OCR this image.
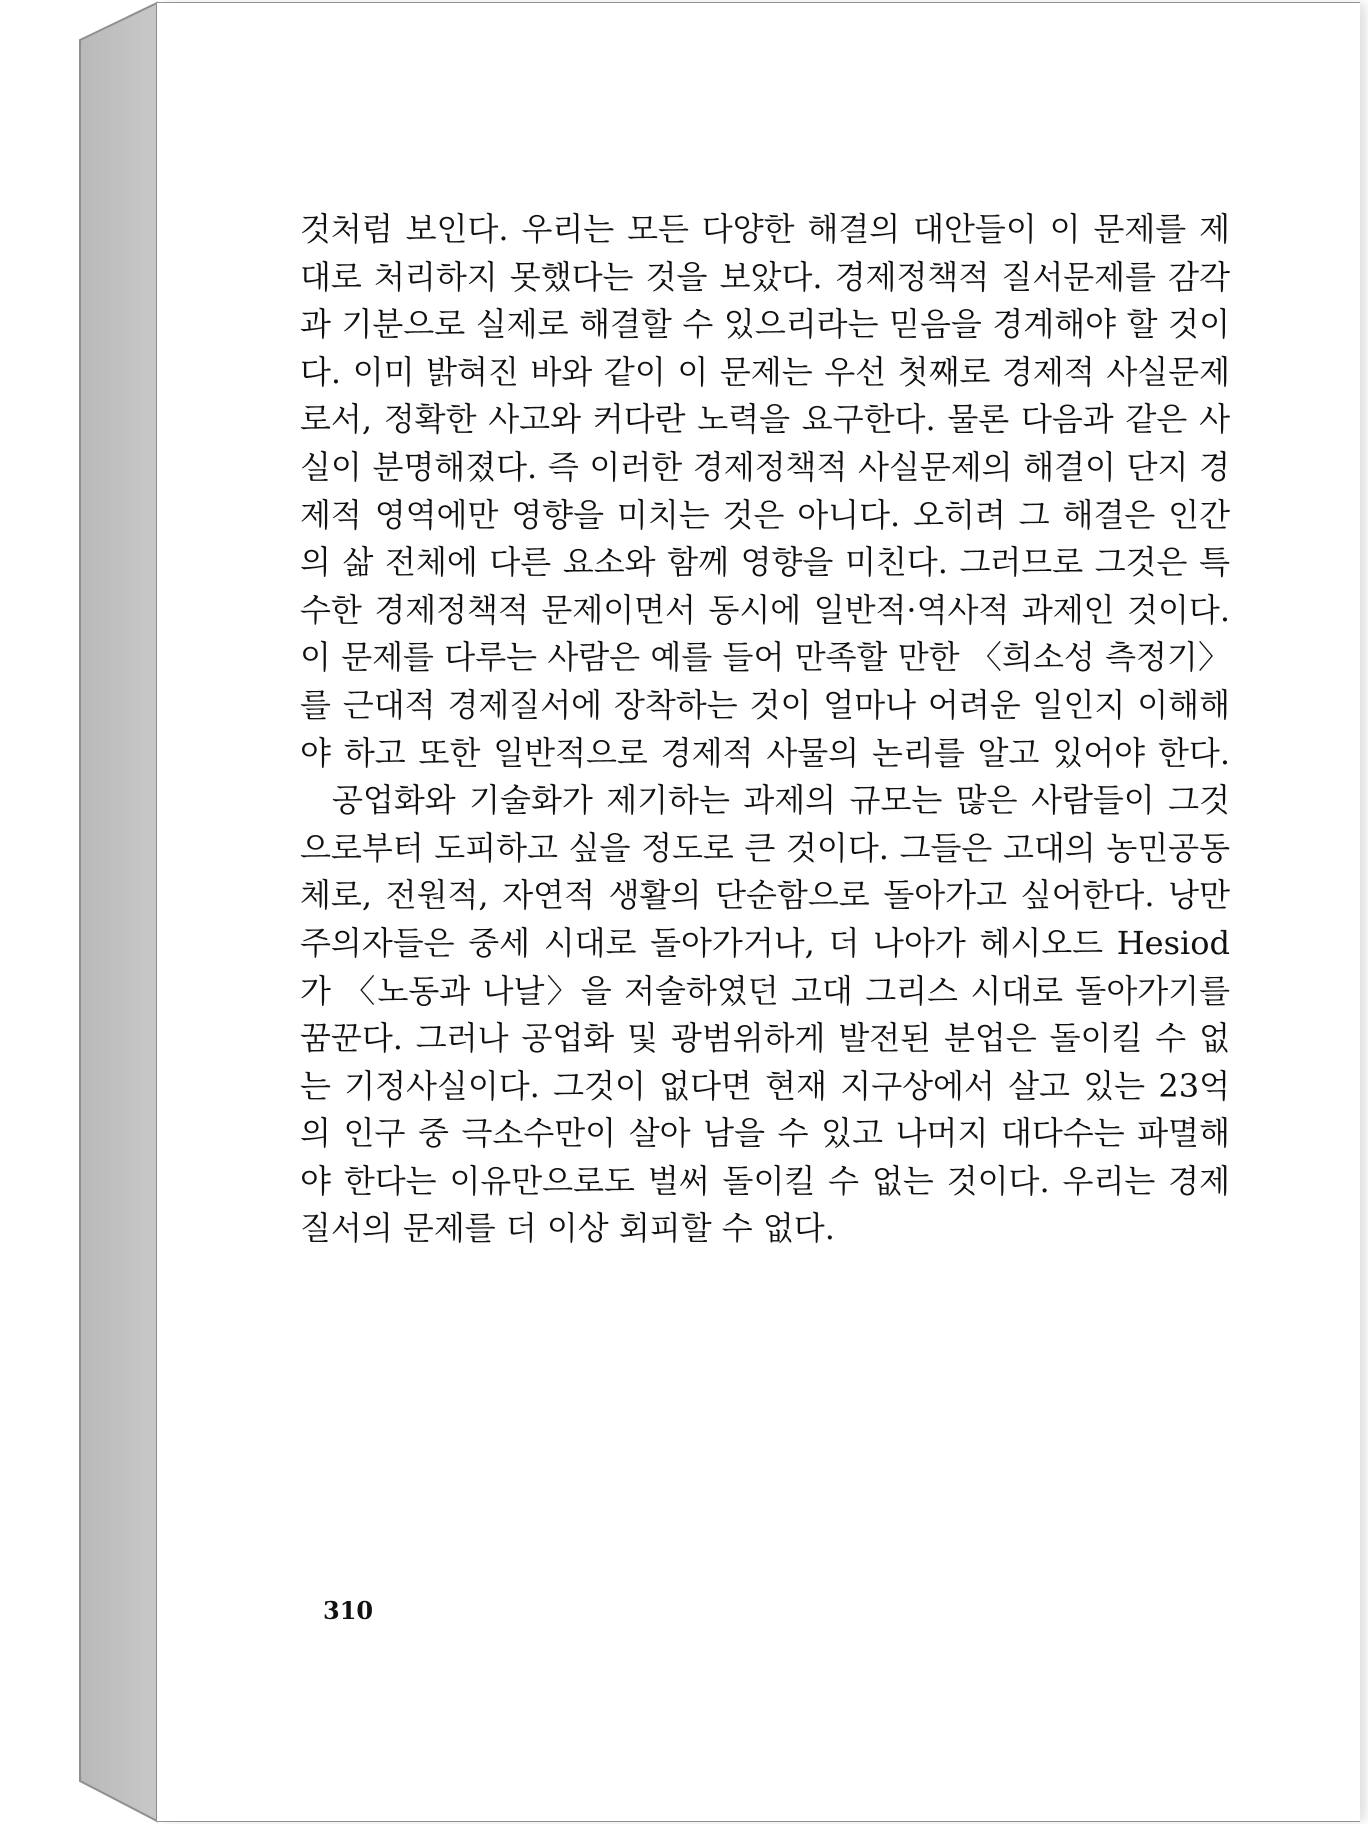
것처럼 보인다. 우리는 모든 다양한 해결의 대안들이 이 문제를 제대로 처리하지 못했다는 것을 보았다. 경제정책적 질서문제를 감각과 기분으로 실제로 해결할 수 있으리라는 믿음을 경계해야 할 것이다. 이미 밝혀진 바와 같이 이 문제는 우선 첫째로 경제적 사실문제로서, 정확한 사고와 커다란 노력을 요구한다. 물론 다음과 같은 사실이 분명해졌다. 즉 이러한 경제정책적 사실문제의 해결이 단지 경제적 영역에만 영향을 미치는 것은 아니다. 오히려 그 해결은 인간의 삶 전체에 다른 요소와 함께 영향을 미친다. 그러므로 그것은 특수한 경제정책적 문제이면서 동시에 일반적·역사적 과제인 것이다. 이 문제를 다루는 사람은 예를 들어 만족할 만한 〈희소성 측정기〉를 근대적 경제질서에 장착하는 것이 얼마나 어려운 일인지 이해해야 하고 또한 일반적으로 경제적 사물의 논리를 알고 있어야 한다.

공업화와 기술화가 제기하는 과제의 규모는 많은 사람들이 그것으로부터 도피하고 싶을 정도로 큰 것이다. 그들은 고대의 농민공동체로, 전원적, 자연적 생활의 단순함으로 돌아가고 싶어한다. 낭만주의자들은 중세 시대로 돌아가거나, 더 나아가 헤시오드 Hesiod가 〈노동과 나날〉을 저술하였던 고대 그리스 시대로 돌아가기를 꿈꾼다. 그러나 공업화 및 광범위하게 발전된 분업은 돌이킬 수 없는 기정사실이다. 그것이 없다면 현재 지구상에서 살고 있는 23억의 인구 중 극소수만이 살아 남을 수 있고 나머지 대다수는 파멸해야 한다는 이유만으로도 벌써 돌이킬 수 없는 것이다. 우리는 경제질서의 문제를 더 이상 회피할 수 없다.

310
